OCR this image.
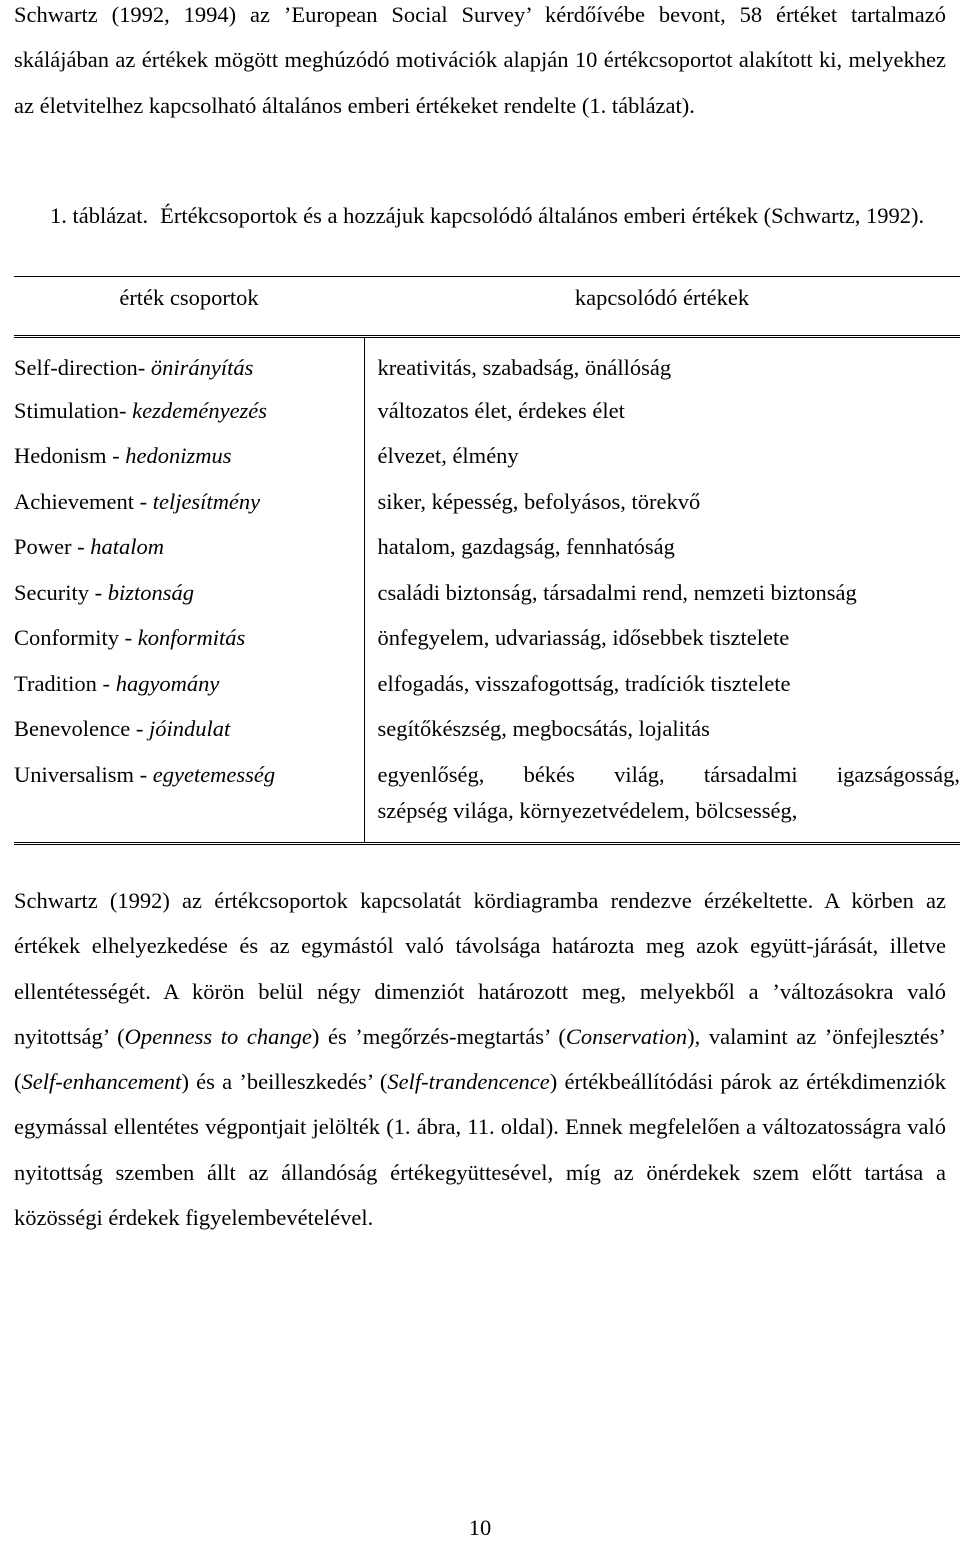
Schwartz (1992, 1994) az ’European Social Survey’ kérdőívébe bevont, 58 értéket tartalmazó skálájában az értékek mögött meghúzódó motivációk alapján 10 értékcsoportot alakított ki, melyekhez az életvitelhez kapcsolható általános emberi értékeket rendelte (1. táblázat).

1. táblázat. Értékcsoportok és a hozzájuk kapcsolódó általános emberi értékek (Schwartz, 1992).
érték csoportok	kapcsolódó értékek
Self-direction- önirányítás	kreativitás, szabadság, önállóság
Stimulation- kezdeményezés	változatos élet, érdekes élet
Hedonism - hedonizmus	élvezet, élmény
Achievement - teljesítmény	siker, képesség, befolyásos, törekvő
Power - hatalom	hatalom, gazdagság, fennhatóság
Security - biztonság	családi biztonság, társadalmi rend, nemzeti biztonság
Conformity - konformitás	önfegyelem, udvariasság, idősebbek tisztelete
Tradition - hagyomány	elfogadás, visszafogottság, tradíciók tisztelete
Benevolence - jóindulat	segítőkészség, megbocsátás, lojalitás
Universalism - egyetemesség	egyenlőség, békés világ, társadalmi igazságosság,

	szépség világa, környezetvédelem, bölcsesség,

Schwartz (1992) az értékcsoportok kapcsolatát kördiagramba rendezve érzékeltette. A körben az értékek elhelyezkedése és az egymástól való távolsága határozta meg azok együtt-járását, illetve ellentétességét. A körön belül négy dimenziót határozott meg, melyekből a ’változásokra való nyitottság’ (Openness to change) és ’megőrzés-megtartás’ (Conservation), valamint az ’önfejlesztés’ (Self-enhancement) és a ’beilleszkedés’ (Self-trandencence) értékbeállítódási párok az értékdimenziók egymással ellentétes végpontjait jelölték (1. ábra, 11. oldal). Ennek megfelelően a változatosságra való nyitottság szemben állt az állandóság értékegyüttesével, míg az önérdekek szem előtt tartása a közösségi érdekek figyelembevételével.

10
